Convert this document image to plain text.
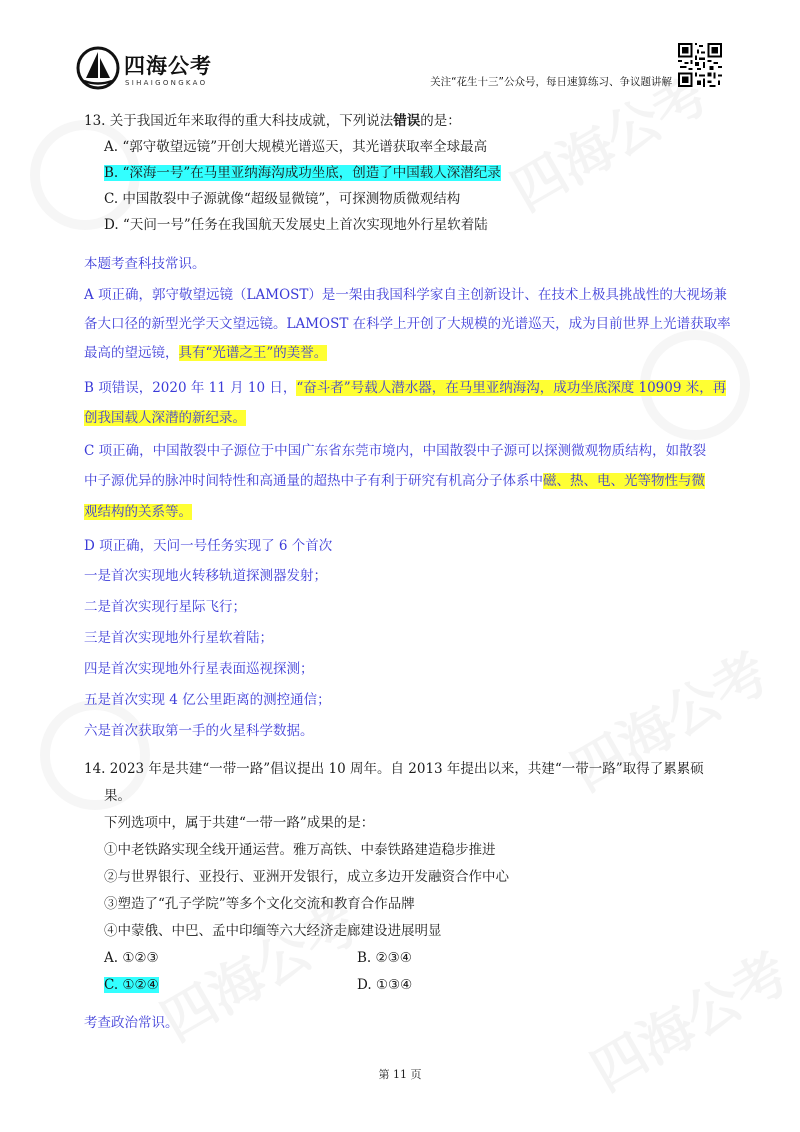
四海公考
SIHAIGONGKAO	关注“花生十三”公众号，每日速算练习、争议题讲解
13. 关于我国近年来取得的重大科技成就，下列说法错误的是：
A. “郭守敬望远镜”开创大规模光谱巡天，其光谱获取率全球最高
B. “深海一号”在马里亚纳海沟成功坐底，创造了中国载人深潜纪录
C. 中国散裂中子源就像“超级显微镜”，可探测物质微观结构
D. “天问一号”任务在我国航天发展史上首次实现地外行星软着陆
本题考查科技常识。
A 项正确，郭守敬望远镜（LAMOST）是一架由我国科学家自主创新设计、在技术上极具挑战性的大视场兼
备大口径的新型光学天文望远镜。LAMOST 在科学上开创了大规模的光谱巡天，成为目前世界上光谱获取率
最高的望远镜，具有“光谱之王”的美誉。
B 项错误，2020 年 11 月 10 日，“奋斗者”号载人潜水器，在马里亚纳海沟，成功坐底深度 10909 米，再
创我国载人深潜的新纪录。
C 项正确，中国散裂中子源位于中国广东省东莞市境内，中国散裂中子源可以探测微观物质结构，如散裂
中子源优异的脉冲时间特性和高通量的超热中子有利于研究有机高分子体系中磁、热、电、光等物性与微
观结构的关系等。
D 项正确，天问一号任务实现了 6 个首次
一是首次实现地火转移轨道探测器发射；
二是首次实现行星际飞行；
三是首次实现地外行星软着陆；
四是首次实现地外行星表面巡视探测；
五是首次实现 4 亿公里距离的测控通信；
六是首次获取第一手的火星科学数据。
14. 2023 年是共建“一带一路”倡议提出 10 周年。自 2013 年提出以来，共建“一带一路”取得了累累硕
果。
下列选项中，属于共建“一带一路”成果的是：
①中老铁路实现全线开通运营。雅万高铁、中泰铁路建造稳步推进
②与世界银行、亚投行、亚洲开发银行，成立多边开发融资合作中心
③塑造了“孔子学院”等多个文化交流和教育合作品牌
④中蒙俄、中巴、孟中印缅等六大经济走廊建设进展明显
A. ①②③	B. ②③④
C. ①②④	D. ①③④
考查政治常识。
第 11 页
